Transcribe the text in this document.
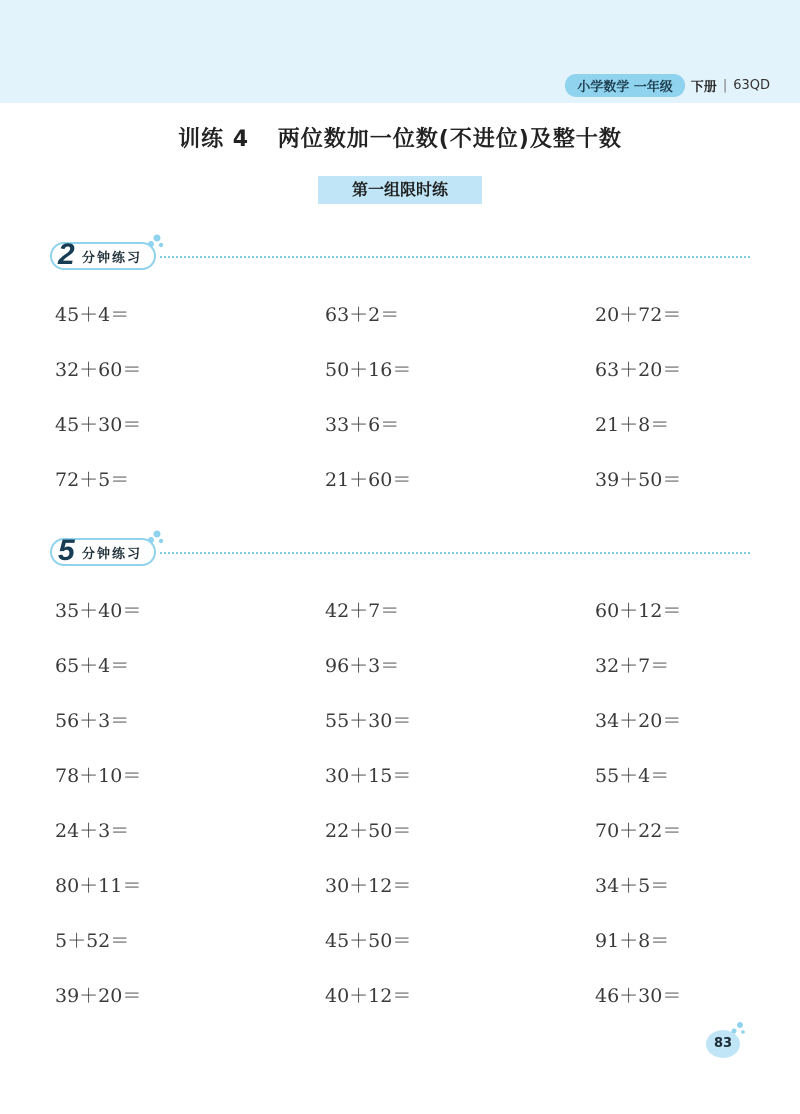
小学数学 一年级	下册 | 63QD
训练 4 两位数加一位数(不进位)及整十数
第一组限时练
2 分钟练习
45＋4＝	63＋2＝	20＋72＝
32＋60＝	50＋16＝	63＋20＝
45＋30＝	33＋6＝	21＋8＝
72＋5＝	21＋60＝	39＋50＝
5 分钟练习
35＋40＝	42＋7＝	60＋12＝
65＋4＝	96＋3＝	32＋7＝
56＋3＝	55＋30＝	34＋20＝
78＋10＝	30＋15＝	55＋4＝
24＋3＝	22＋50＝	70＋22＝
80＋11＝	30＋12＝	34＋5＝
5＋52＝	45＋50＝	91＋8＝
39＋20＝	40＋12＝	46＋30＝
83
